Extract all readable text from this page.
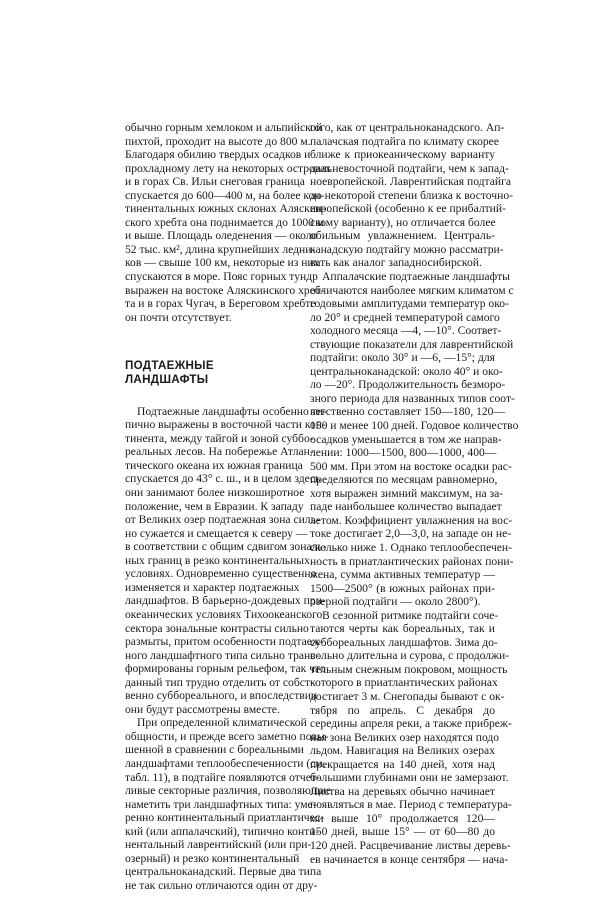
обычно горным хемлоком и альпийской
пихтой, проходит на высоте до 800 м.
Благодаря обилию твердых осадков и
прохладному лету на некоторых островах
и в горах Св. Ильи снеговая граница
спускается до 600—400 м, на более кон-
тинентальных южных склонах Аляскин-
ского хребта она поднимается до 1000 м
и выше. Площадь оледенения — около
52 тыс. км², длина крупнейших ледни-
ков — свыше 100 км, некоторые из них
спускаются в море. Пояс горных тундр
выражен на востоке Аляскинского хреб-
та и в горах Чугач, в Береговом хребте
он почти отсутствует.
ПОДТАЕЖНЫЕ ЛАНДШАФТЫ
Подтаежные ландшафты особенно ти-
пично выражены в восточной части кон-
тинента, между тайгой и зоной суббо-
реальных лесов. На побережье Атлан-
тического океана их южная граница
спускается до 43° с. ш., и в целом здесь
они занимают более низкоширотное
положение, чем в Евразии. К западу
от Великих озер подтаежная зона силь-
но сужается и смещается к северу —
в соответствии с общим сдвигом зональ-
ных границ в резко континентальных
условиях. Одновременно существенно
изменяется и характер подтаежных
ландшафтов. В барьерно-дождевых при-
океанических условиях Тихоокеанского
сектора зональные контрасты сильно
размыты, притом особенности подтаеж-
ного ландшафтного типа сильно транс-
формированы горным рельефом, так что
данный тип трудно отделить от собст-
венно суббореального, и впоследствии
они будут рассмотрены вместе.
При определенной климатической
общности, и прежде всего заметно повы-
шенной в сравнении с бореальными
ландшафтами теплообеспеченности (см.
табл. 11), в подтайге появляются отчет-
ливые секторные различия, позволяющие
наметить три ландшафтных типа: уме-
ренно континентальный приатлантичес-
кий (или аппалачский), типично конти-
нентальный лаврентийский (или при-
озерный) и резко континентальный
центральноканадский. Первые два типа
не так сильно отличаются один от дру-
гого, как от центральноканадского. Ап-
палачская подтайга по климату скорее
ближе к приокеаническому варианту
дальневосточной подтайги, чем к запад-
ноевропейской. Лаврентийская подтайга
до некоторой степени близка к восточно-
европейской (особенно к ее прибалтий-
скому варианту), но отличается более
обильным увлажнением. Централь-
канадскую подтайгу можно рассматри-
вать как аналог западносибирской.
Аппалачские подтаежные ландшафты
отличаются наиболее мягким климатом с
годовыми амплитудами температур око-
ло 20° и средней температурой самого
холодного месяца —4, —10°. Соответ-
ствующие показатели для лаврентийской
подтайги: около 30° и —6, —15°; для
центральноканадской: около 40° и око-
ло —20°. Продолжительность безморо-
зного периода для названных типов соот-
ветственно составляет 150—180, 120—
150 и менее 100 дней. Годовое количество
осадков уменьшается в том же направ-
лении: 1000—1500, 800—1000, 400—
500 мм. При этом на востоке осадки рас-
пределяются по месяцам равномерно,
хотя выражен зимний максимум, на за-
паде наибольшее количество выпадает
летом. Коэффициент увлажнения на вос-
токе достигает 2,0—3,0, на западе он не-
сколько ниже 1. Однако теплообеспечен-
ность в приатлантических районах пони-
жена, сумма активных температур —
1500—2500° (в южных районах при-
озерной подтайги — около 2800°).
В сезонной ритмике подтайги соче-
таются черты как бореальных, так и
суббореальных ландшафтов. Зима до-
вольно длительна и сурова, с продолжи-
тельным снежным покровом, мощность
которого в приатлантических районах
достигает 3 м. Снегопады бывают с ок-
тября по апрель. С декабря до
середины апреля реки, а также прибреж-
ная зона Великих озер находятся подо
льдом. Навигация на Великих озерах
прекращается на 140 дней, хотя над
большими глубинами они не замерзают.
Листва на деревьях обычно начинает
появляться в мае. Период с температура-
ми выше 10° продолжается 120—
150 дней, выше 15° — от 60—80 до
120 дней. Расцвечивание листвы деревь-
ев начинается в конце сентября — нача-
